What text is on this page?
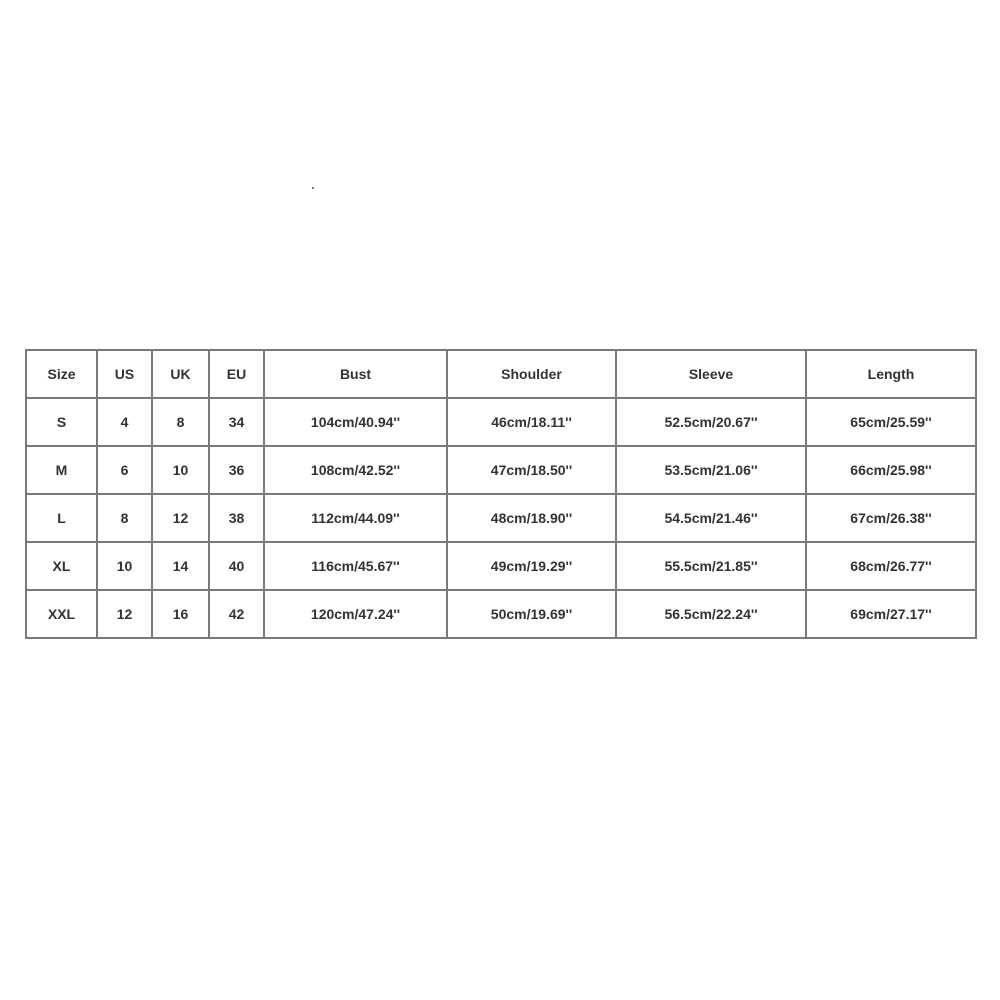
Size	US	UK	EU	Bust	Shoulder	Sleeve	Length
S	4	8	34	104cm/40.94''	46cm/18.11''	52.5cm/20.67''	65cm/25.59''
M	6	10	36	108cm/42.52''	47cm/18.50''	53.5cm/21.06''	66cm/25.98''
L	8	12	38	112cm/44.09''	48cm/18.90''	54.5cm/21.46''	67cm/26.38''
XL	10	14	40	116cm/45.67''	49cm/19.29''	55.5cm/21.85''	68cm/26.77''
XXL	12	16	42	120cm/47.24''	50cm/19.69''	56.5cm/22.24''	69cm/27.17''
